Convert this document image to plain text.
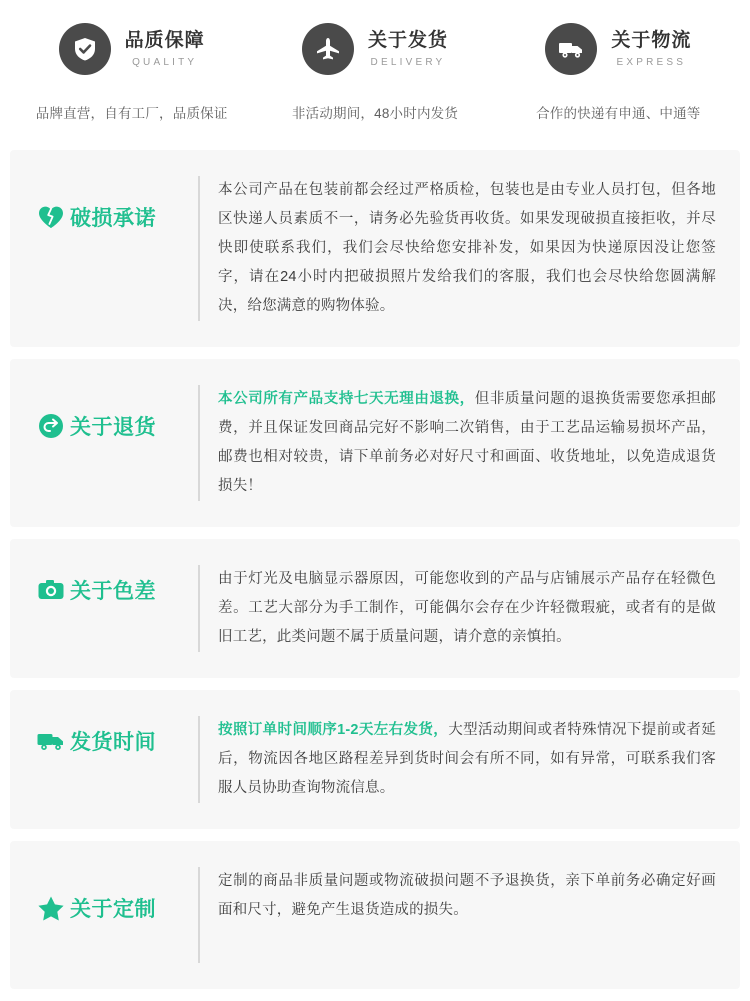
品质保障
QUALITY
品牌直营，自有工厂，品质保证
关于发货
DELIVERY
非活动期间，48小时内发货
关于物流
EXPRESS
合作的快递有申通、中通等
破损承诺
本公司产品在包装前都会经过严格质检，包装也是由专业人员打包，但各地区快递人员素质不一，请务必先验货再收货。如果发现破损直接拒收，并尽快即使联系我们，我们会尽快给您安排补发，如果因为快递原因没让您签字，请在24小时内把破损照片发给我们的客服，我们也会尽快给您圆满解决，给您满意的购物体验。
关于退货
本公司所有产品支持七天无理由退换，但非质量问题的退换货需要您承担邮费，并且保证发回商品完好不影响二次销售，由于工艺品运输易损坏产品，邮费也相对较贵，请下单前务必对好尺寸和画面、收货地址，以免造成退货损失！
关于色差
由于灯光及电脑显示器原因，可能您收到的产品与店铺展示产品存在轻微色差。工艺大部分为手工制作，可能偶尔会存在少许轻微瑕疵，或者有的是做旧工艺，此类问题不属于质量问题，请介意的亲慎拍。
发货时间
按照订单时间顺序1-2天左右发货，大型活动期间或者特殊情况下提前或者延后，物流因各地区路程差异到货时间会有所不同，如有异常，可联系我们客服人员协助查询物流信息。
关于定制
定制的商品非质量问题或物流破损问题不予退换货，亲下单前务必确定好画面和尺寸，避免产生退货造成的损失。
